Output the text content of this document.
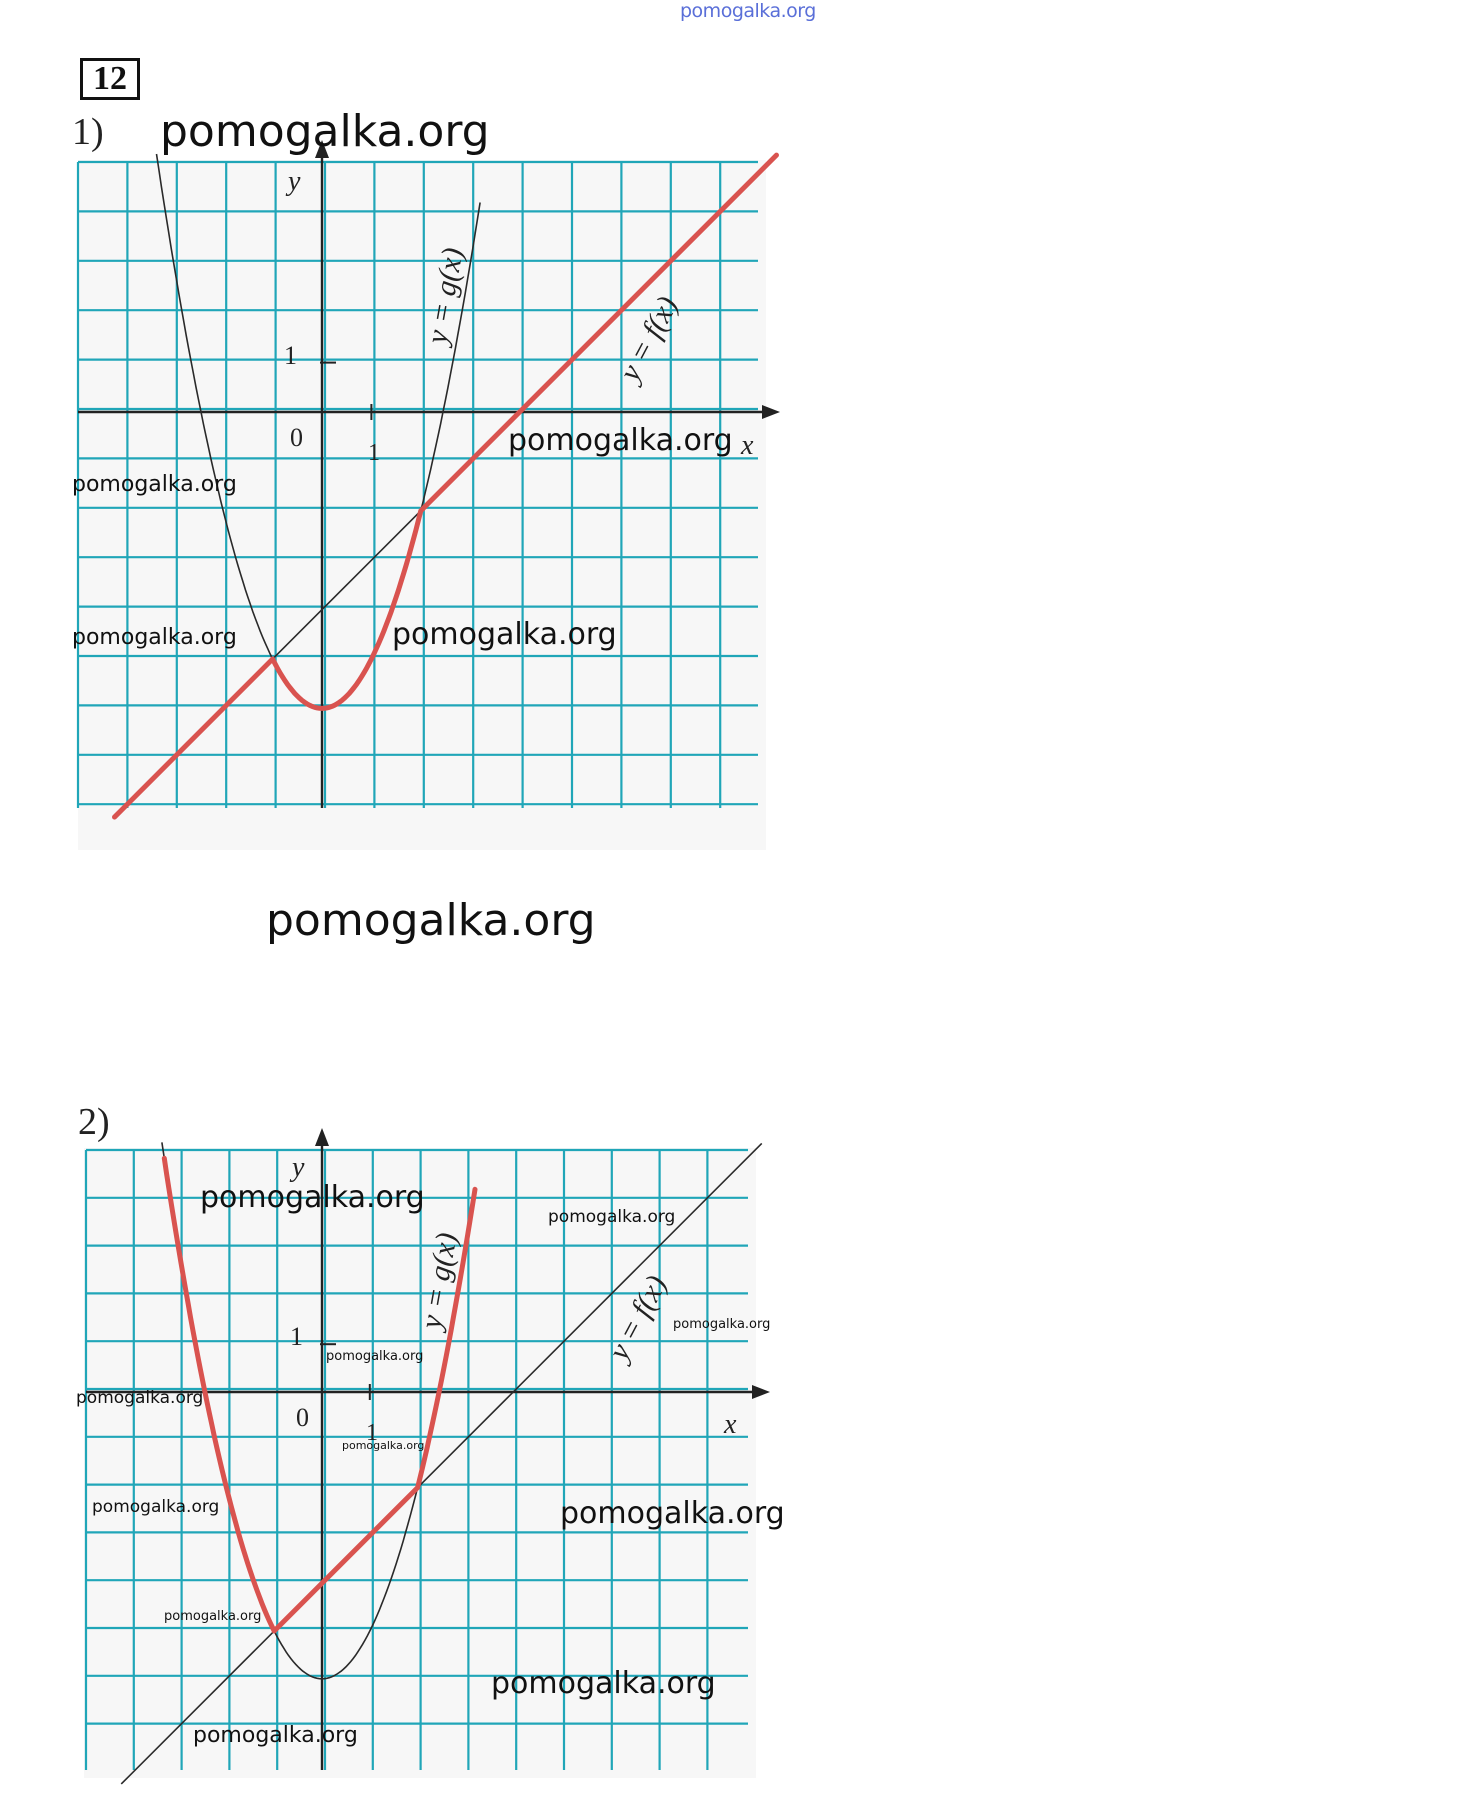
pomogalka.org
12
1)
y
x
0
1
1
y = g(x)	y = f(x)
pomogalka.org
pomogalka.org
pomogalka.org
pomogalka.org	pomogalka.org
pomogalka.org
2)
y
x
0
1
1
y = g(x)	y = f(x)
pomogalka.org
pomogalka.org
pomogalka.org
pomogalka.org
pomogalka.org
pomogalka.org
pomogalka.org	pomogalka.org
pomogalka.org
pomogalka.org
pomogalka.org
